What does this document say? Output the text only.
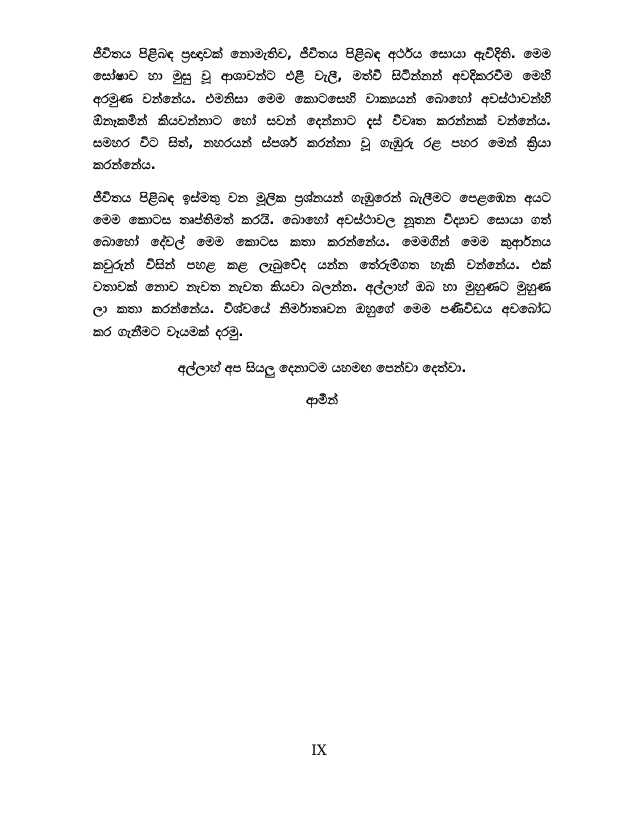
ජීවිතය පිළිබඳ ප්‍රඥාවක් නොමැතිව, ජීවිතය පිළිබඳ අර්ථය සොයා ඇවිදිති. මෙම සෝෂාව හා මුසු වූ ආශාවන්ට එළී වැලී, මත්වී සිටින්නන් අවදිකරවීම මෙහි අරමුණ වන්නේය. එමනිසා මෙම කොටසෙහි වාක්‍යයන් බොහෝ අවස්ථාවන්හි ඕනෑකමින් කියවන්නාට හෝ සවන් දෙන්නාට දැස් විවෘත කරන්නක් වන්නේය. සමහර විට සිත්, නහරයන් ස්පර්ශ කරන්නා වූ ගැඹුරු රළ පහර මෙන් ක්‍රියා කරන්නේය.

ජීවිතය පිළිබඳ ඉස්මතු වන මූලික ප්‍රශ්නයන් ගැඹුරෙන් බැලීමට පෙළඹෙන අයට මෙම කොටස තෘප්තිමත් කරයි. බොහෝ අවස්ථාවල නූතන විද්‍යාව සොයා ගත් බොහෝ දේවල් මෙම කොටස කතා කරන්නේය. මෙමගින් මෙම කුර්ආනය කවුරුන් විසින් පහළ කළ ලැබුවේද යන්න තේරුම්ගත හැකි වන්නේය. එක් වතාවක් නොව නැවත නැවත කියවා බලන්න. අල්ලාහ් ඔබ හා මුහුණට මුහුණ ලා කතා කරන්නේය. විශ්වයේ නිර්මාතෘවන ඔහුගේ මෙම පණිවිඩය අවබෝධ කර ගැනීමට වෑයමක් දරමු.

අල්ලාහ් අප සියලු දෙනාටම යහමඟ පෙන්වා දෙත්වා.

ආමීන්

IX
